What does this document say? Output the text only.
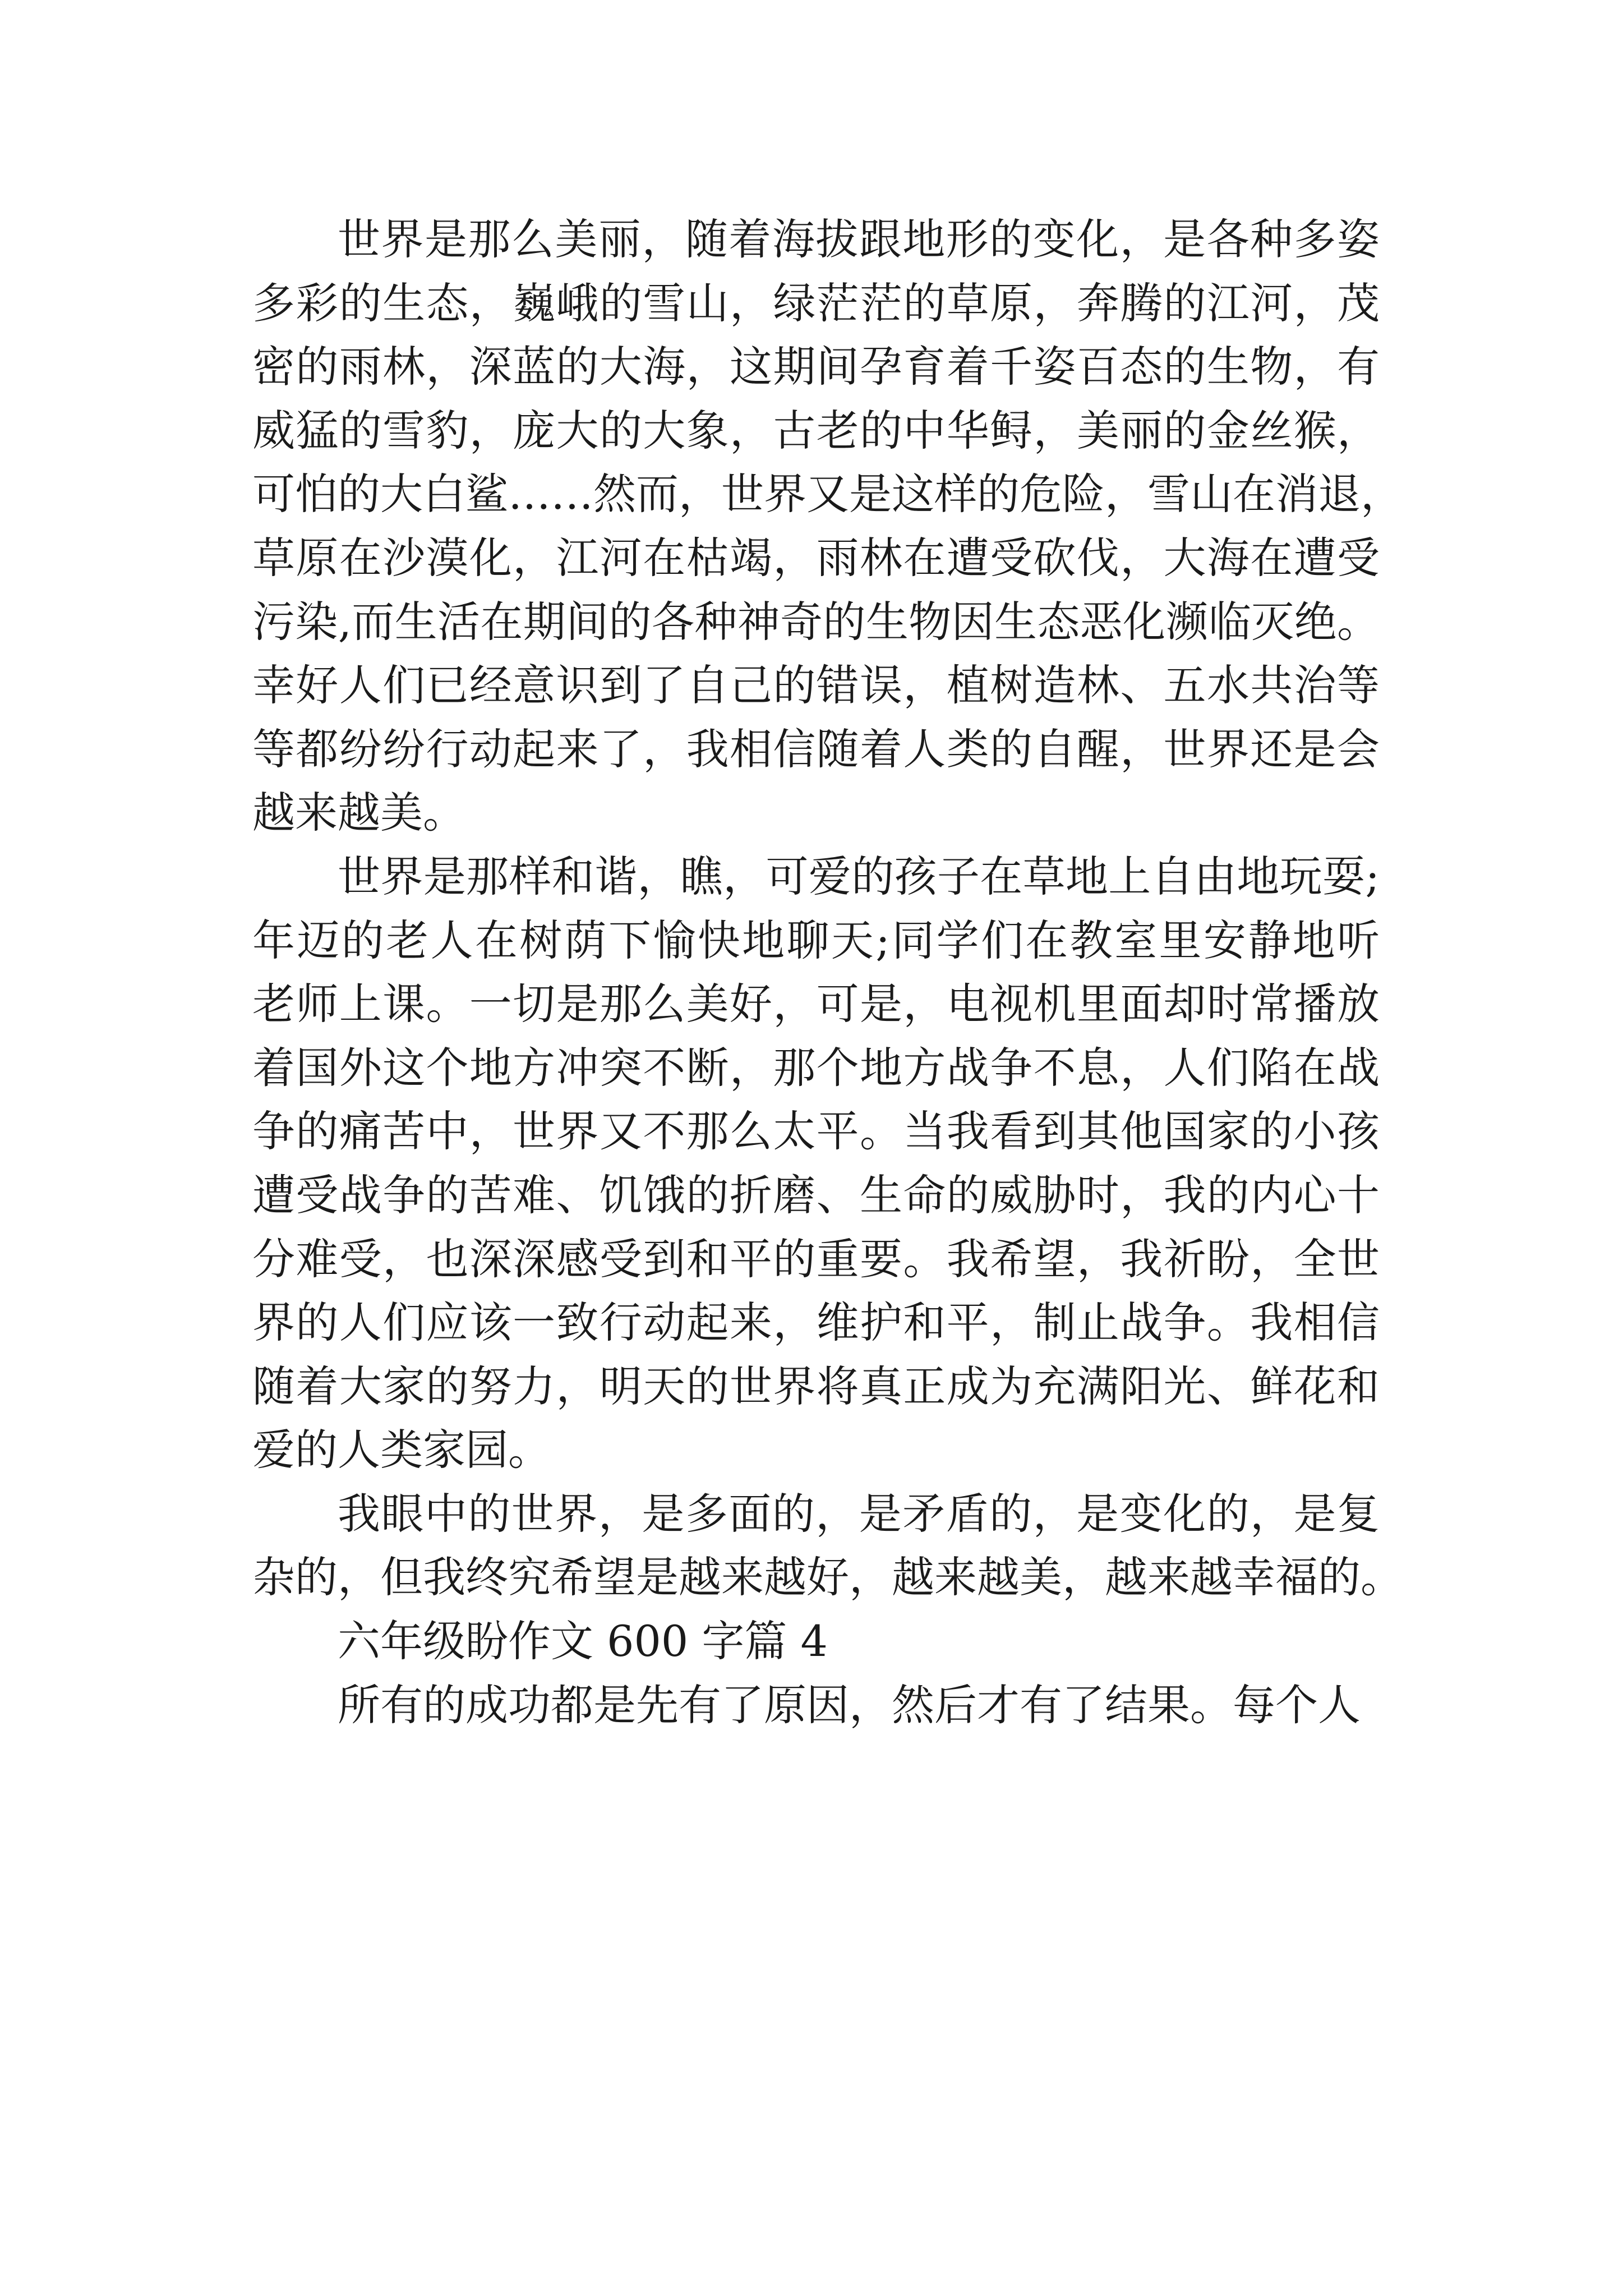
世界是那么美丽，随着海拔跟地形的变化，是各种多姿
多彩的生态，巍峨的雪山，绿茫茫的草原，奔腾的江河，茂
密的雨林，深蓝的大海，这期间孕育着千姿百态的生物，有
威猛的雪豹，庞大的大象，古老的中华鲟，美丽的金丝猴，
可怕的大白鲨……然而，世界又是这样的危险，雪山在消退，
草原在沙漠化，江河在枯竭，雨林在遭受砍伐，大海在遭受
污染,而生活在期间的各种神奇的生物因生态恶化濒临灭绝。
幸好人们已经意识到了自己的错误，植树造林、五水共治等
等都纷纷行动起来了，我相信随着人类的自醒，世界还是会
越来越美。

世界是那样和谐，瞧，可爱的孩子在草地上自由地玩耍;
年迈的老人在树荫下愉快地聊天;同学们在教室里安静地听
老师上课。一切是那么美好，可是，电视机里面却时常播放
着国外这个地方冲突不断，那个地方战争不息，人们陷在战
争的痛苦中，世界又不那么太平。当我看到其他国家的小孩
遭受战争的苦难、饥饿的折磨、生命的威胁时，我的内心十
分难受，也深深感受到和平的重要。我希望，我祈盼，全世
界的人们应该一致行动起来，维护和平，制止战争。我相信
随着大家的努力，明天的世界将真正成为充满阳光、鲜花和
爱的人类家园。

我眼中的世界，是多面的，是矛盾的，是变化的，是复
杂的，但我终究希望是越来越好，越来越美，越来越幸福的。

六年级盼作文 600 字篇 4

所有的成功都是先有了原因，然后才有了结果。每个人
